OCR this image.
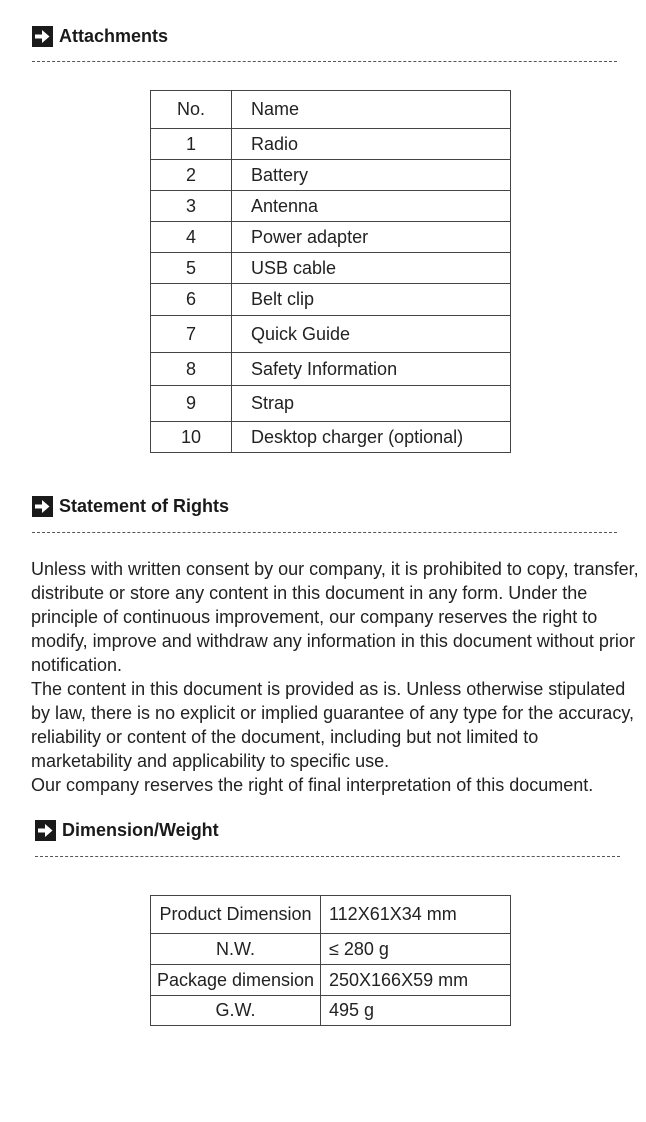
Attachments
No.	Name
1	Radio
2	Battery
3	Antenna
4	Power adapter
5	USB cable
6	Belt clip
7	Quick Guide
8	Safety Information
9	Strap
10	Desktop charger (optional)
Statement of Rights

Unless with written consent by our company, it is prohibited to copy, transfer, distribute or store any content in this document in any form. Under the principle of continuous improvement, our company reserves the right to modify, improve and withdraw any information in this document without prior notification.

The content in this document is provided as is. Unless otherwise stipulated by law, there is no explicit or implied guarantee of any type for the accuracy, reliability or content of the document, including but not limited to marketability and applicability to specific use.

Our company reserves the right of final interpretation of this document.

Dimension/Weight
Product Dimension	112X61X34 mm
N.W.	≤ 280 g
Package dimension	250X166X59 mm
G.W.	495 g
